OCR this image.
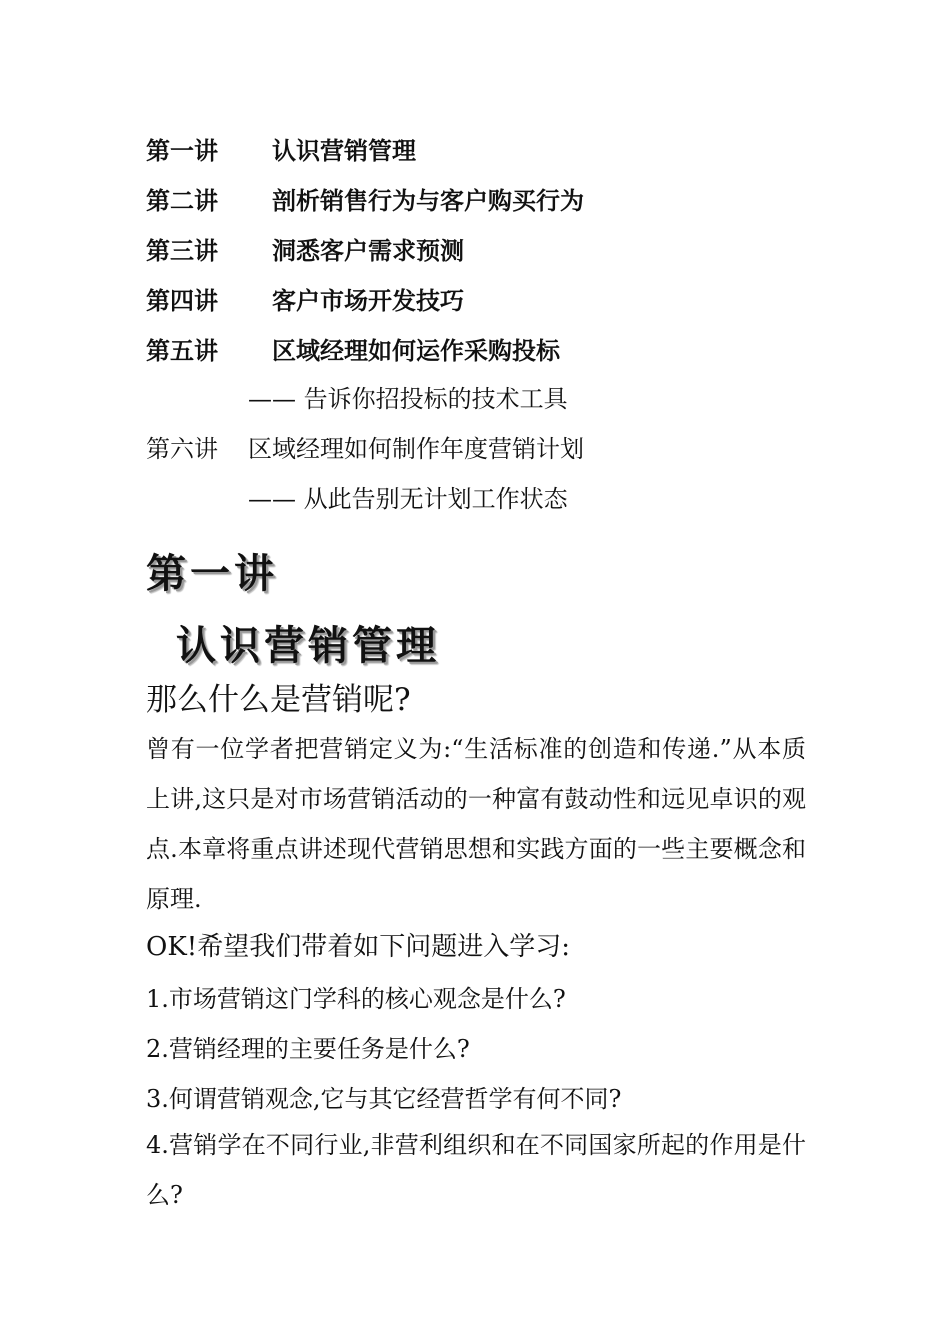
第一讲 认识营销管理
第二讲 剖析销售行为与客户购买行为
第三讲 洞悉客户需求预测
第四讲 客户市场开发技巧
第五讲 区域经理如何运作采购投标
—— 告诉你招投标的技术工具
第六讲 区域经理如何制作年度营销计划
—— 从此告别无计划工作状态
第一讲
认识营销管理
那么什么是营销呢?
曾有一位学者把营销定义为:“生活标准的创造和传递.”从本质上讲,这只是对市场营销活动的一种富有鼓动性和远见卓识的观点.本章将重点讲述现代营销思想和实践方面的一些主要概念和原理.
OK!希望我们带着如下问题进入学习:
1.市场营销这门学科的核心观念是什么?
2.营销经理的主要任务是什么?
3.何谓营销观念,它与其它经营哲学有何不同?
4.营销学在不同行业,非营利组织和在不同国家所起的作用是什么?
